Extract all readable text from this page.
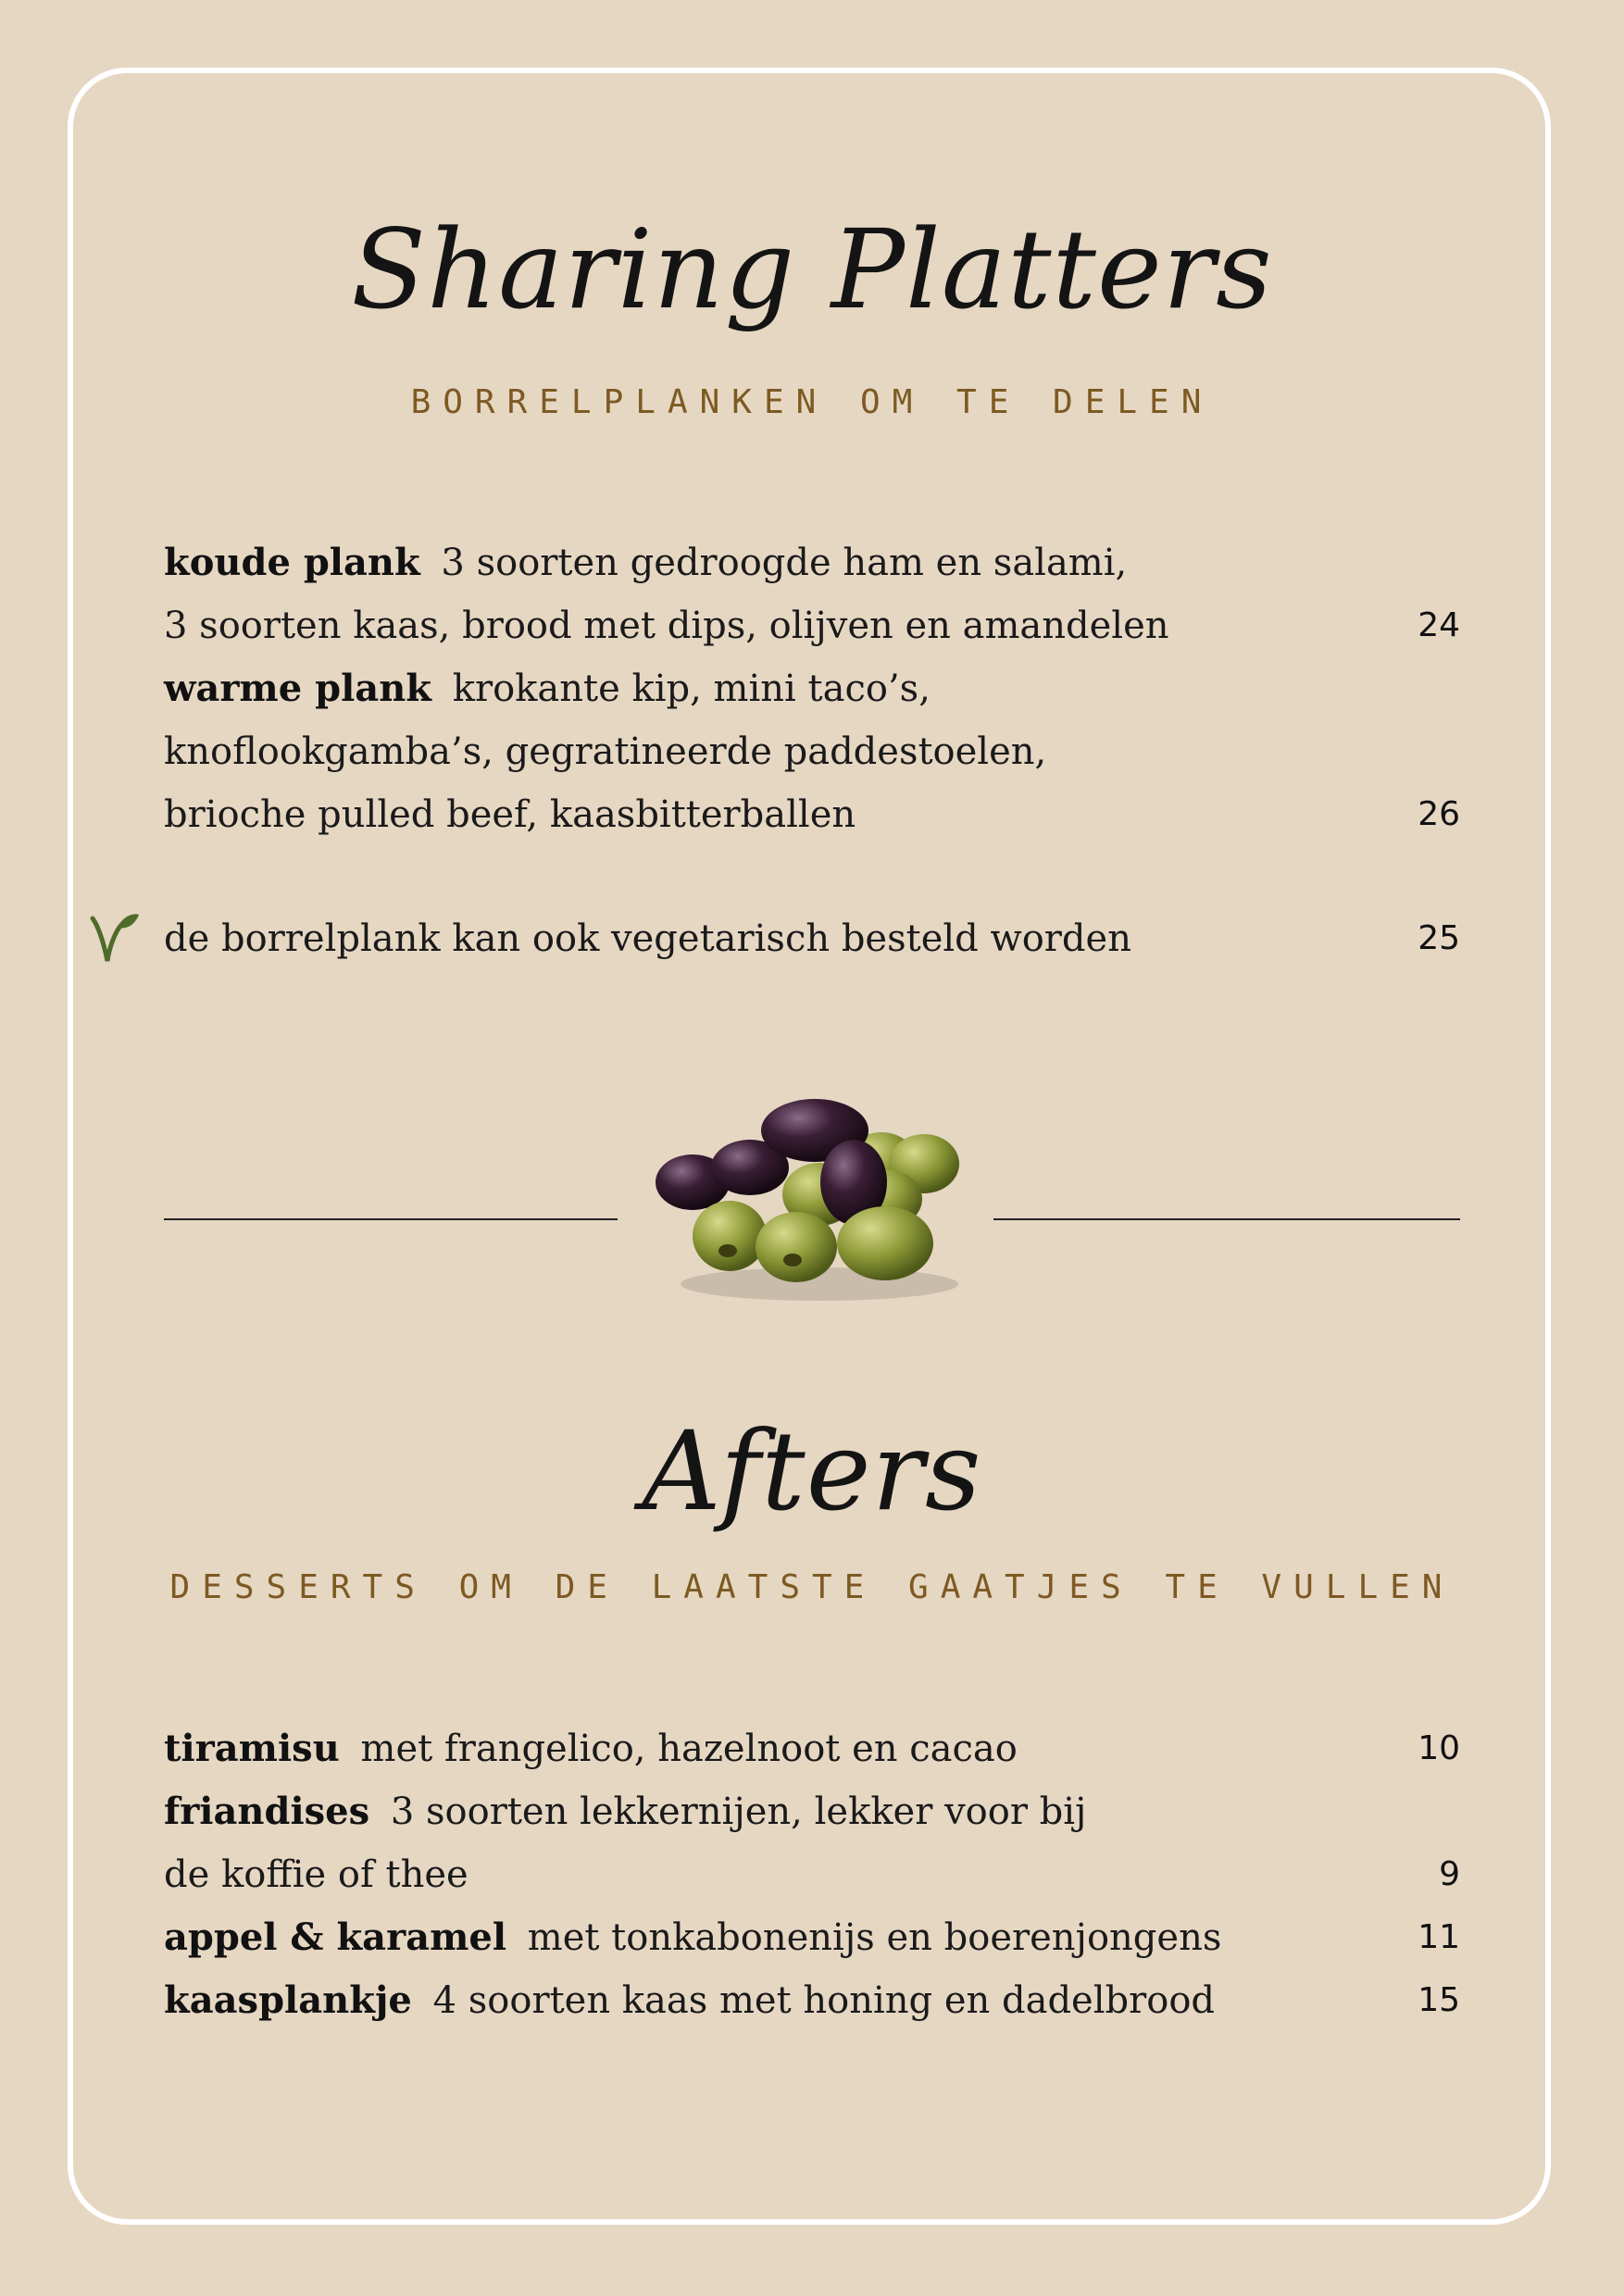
Sharing Platters

BORRELPLANKEN OM TE DELEN

koude plank 3 soorten gedroogde ham en salami,
3 soorten kaas, brood met dips, olijven en amandelen	24
warme plank krokante kip, mini taco’s,
knoflookgamba’s, gegratineerde paddestoelen,
brioche pulled beef, kaasbitterballen	26
de borrelplank kan ook vegetarisch besteld worden	25
Afters

DESSERTS OM DE LAATSTE GAATJES TE VULLEN

tiramisu met frangelico, hazelnoot en cacao	10
friandises 3 soorten lekkernijen, lekker voor bij
de koffie of thee	9
appel & karamel met tonkabonenijs en boerenjongens	11
kaasplankje 4 soorten kaas met honing en dadelbrood	15
